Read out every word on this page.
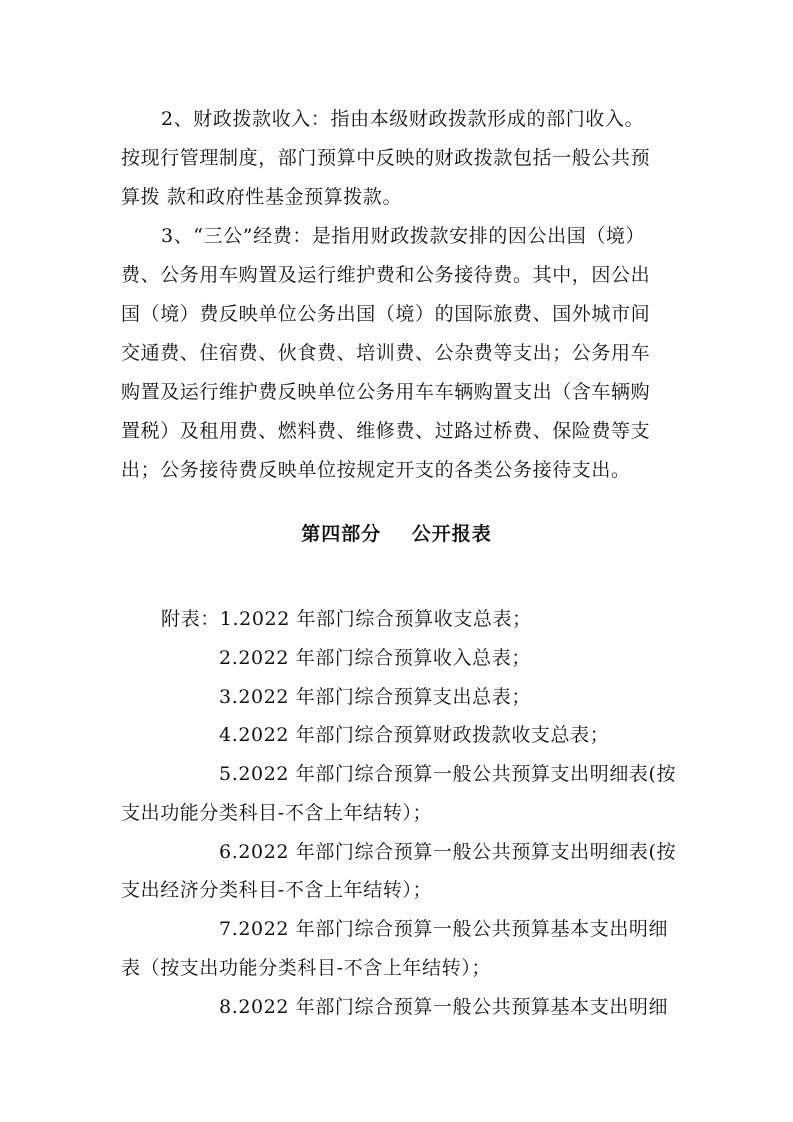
2、财政拨款收入：指由本级财政拨款形成的部门收入。
按现行管理制度，部门预算中反映的财政拨款包括一般公共预
算拨 款和政府性基金预算拨款。
3、“三公”经费：是指用财政拨款安排的因公出国（境）
费、公务用车购置及运行维护费和公务接待费。其中，因公出
国（境）费反映单位公务出国（境）的国际旅费、国外城市间
交通费、住宿费、伙食费、培训费、公杂费等支出；公务用车
购置及运行维护费反映单位公务用车车辆购置支出（含车辆购
置税）及租用费、燃料费、维修费、过路过桥费、保险费等支
出；公务接待费反映单位按规定开支的各类公务接待支出。
第四部分    公开报表
附表：1.2022 年部门综合预算收支总表；
2.2022 年部门综合预算收入总表；
3.2022 年部门综合预算支出总表；
4.2022 年部门综合预算财政拨款收支总表；
5.2022 年部门综合预算一般公共预算支出明细表(按
支出功能分类科目-不含上年结转）；
6.2022 年部门综合预算一般公共预算支出明细表(按
支出经济分类科目-不含上年结转）；
7.2022 年部门综合预算一般公共预算基本支出明细
表（按支出功能分类科目-不含上年结转）；
8.2022 年部门综合预算一般公共预算基本支出明细
